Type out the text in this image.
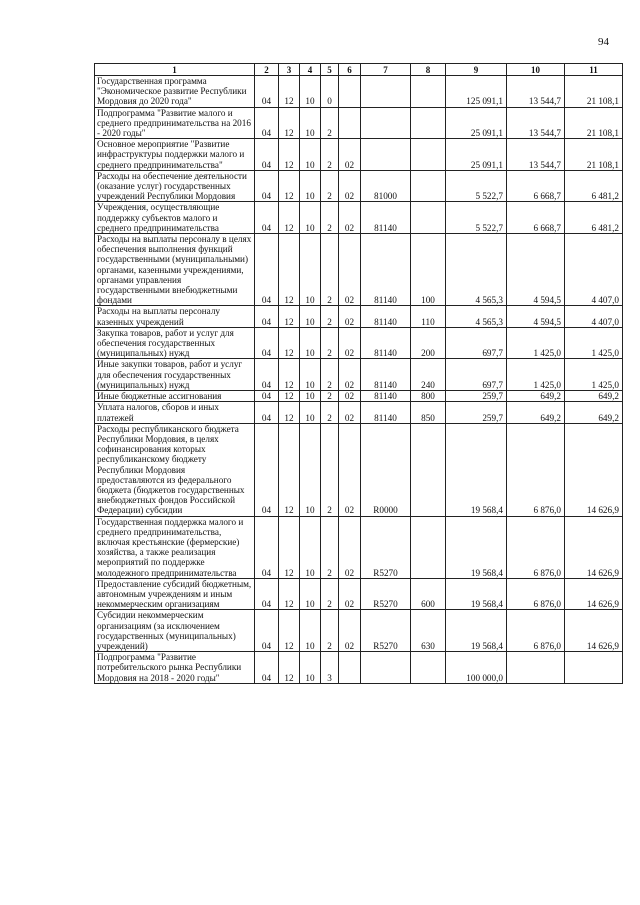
94
1	2	3	4	5	6	7	8	9	10	11
Государственная программа "Экономическое развитие Республики Мордовия до 2020 года"	04	12	10	0				125 091,1	13 544,7	21 108,1
Подпрограмма "Развитие малого и среднего предпринимательства на 2016 - 2020 годы"	04	12	10	2				25 091,1	13 544,7	21 108,1
Основное мероприятие "Развитие инфраструктуры поддержки малого и среднего предпринимательства"	04	12	10	2	02			25 091,1	13 544,7	21 108,1
Расходы на обеспечение деятельности (оказание услуг) государственных учреждений Республики Мордовия	04	12	10	2	02	81000		5 522,7	6 668,7	6 481,2
Учреждения, осуществляющие поддержку субъектов малого и среднего предпринимательства	04	12	10	2	02	81140		5 522,7	6 668,7	6 481,2
Расходы на выплаты персоналу в целях обеспечения выполнения функций государственными (муниципальными) органами, казенными учреждениями, органами управления государственными внебюджетными фондами	04	12	10	2	02	81140	100	4 565,3	4 594,5	4 407,0
Расходы на выплаты персоналу казенных учреждений	04	12	10	2	02	81140	110	4 565,3	4 594,5	4 407,0
Закупка товаров, работ и услуг для обеспечения государственных (муниципальных) нужд	04	12	10	2	02	81140	200	697,7	1 425,0	1 425,0
Иные закупки товаров, работ и услуг для обеспечения государственных (муниципальных) нужд	04	12	10	2	02	81140	240	697,7	1 425,0	1 425,0
Иные бюджетные ассигнования	04	12	10	2	02	81140	800	259,7	649,2	649,2
Уплата налогов, сборов и иных платежей	04	12	10	2	02	81140	850	259,7	649,2	649,2
Расходы республиканского бюджета Республики Мордовия, в целях софинансирования которых республиканскому бюджету Республики Мордовия предоставляются из федерального бюджета (бюджетов государственных внебюджетных фондов Российской Федерации) субсидии	04	12	10	2	02	R0000		19 568,4	6 876,0	14 626,9
Государственная поддержка малого и среднего предпринимательства, включая крестьянские (фермерские) хозяйства, а также реализация мероприятий по поддержке молодежного предпринимательства	04	12	10	2	02	R5270		19 568,4	6 876,0	14 626,9
Предоставление субсидий бюджетным, автономным учреждениям и иным некоммерческим организациям	04	12	10	2	02	R5270	600	19 568,4	6 876,0	14 626,9
Субсидии некоммерческим организациям (за исключением государственных (муниципальных) учреждений)	04	12	10	2	02	R5270	630	19 568,4	6 876,0	14 626,9
Подпрограмма "Развитие потребительского рынка Республики Мордовия на 2018 - 2020 годы"	04	12	10	3				100 000,0		
